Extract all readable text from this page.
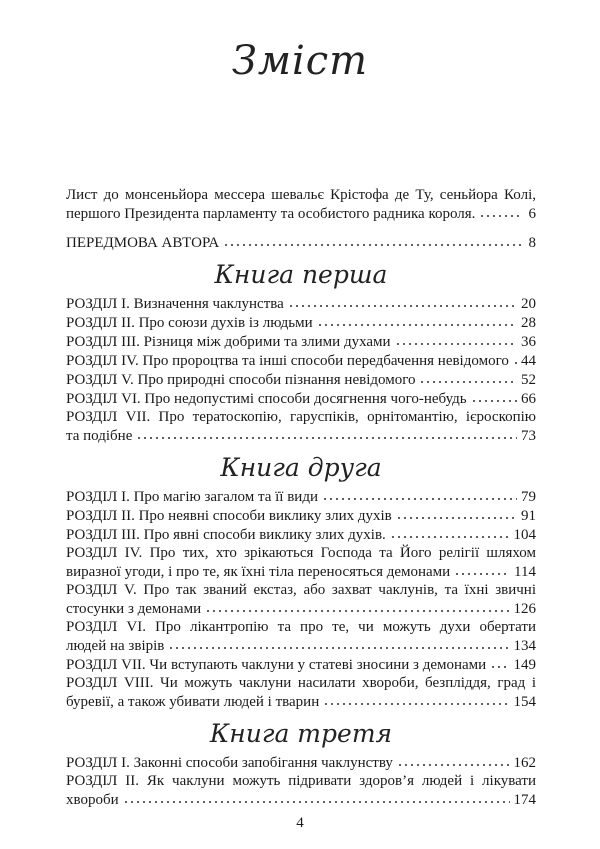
Зміст
Лист до монсеньйора мессера шевальє Крістофа де Ту, сеньйора Колі,
першого Президента парламенту та особистого радника короля.	6
ПЕРЕДМОВА АВТОРА	8
Книга перша
РОЗДІЛ І. Визначення чаклунства	20
РОЗДІЛ ІІ. Про союзи духів із людьми	28
РОЗДІЛ ІІІ. Різниця між добрими та злими духами	36
РОЗДІЛ IV. Про пророцтва та інші способи передбачення невідомого 44
РОЗДІЛ V. Про природні способи пізнання невідомого	52
РОЗДІЛ VI. Про недопустимі способи досягнення чого-небудь	66
РОЗДІЛ VII. Про тератоскопію, гаруспіків, орнітомантію, ієроскопію
та подібне	73
Книга друга
РОЗДІЛ І. Про магію загалом та її види	79
РОЗДІЛ ІІ. Про неявні способи виклику злих духів	91
РОЗДІЛ ІІІ. Про явні способи виклику злих духів.	104
РОЗДІЛ IV. Про тих, хто зрікаються Господа та Його релігії шляхом
виразної угоди, і про те, як їхні тіла переносяться демонами	114
РОЗДІЛ V. Про так званий екстаз, або захват чаклунів, та їхні звичні
стосунки з демонами	126
РОЗДІЛ VI. Про лікантропію та про те, чи можуть духи обертати
людей на звірів	134
РОЗДІЛ VII. Чи вступають чаклуни у статеві зносини з демонами 149
РОЗДІЛ VIII. Чи можуть чаклуни насилати хвороби, безпліддя, град і
буревії, а також убивати людей і тварин	154
Книга третя
РОЗДІЛ І. Законні способи запобігання чаклунству	162
РОЗДІЛ ІІ. Як чаклуни можуть підривати здоров’я людей і лікувати
хвороби	174
4
